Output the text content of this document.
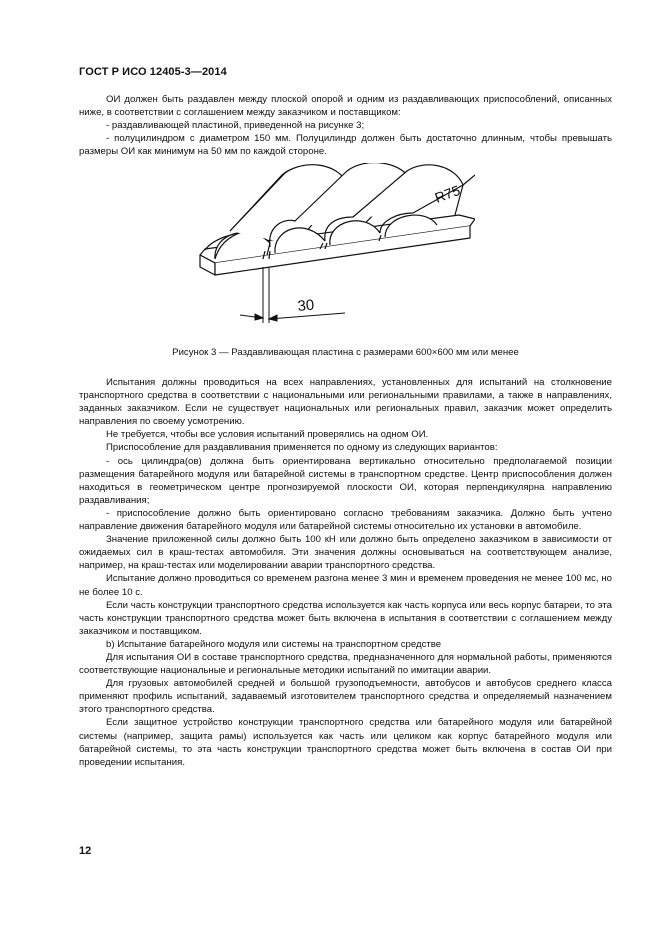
ГОСТ Р ИСО 12405-3—2014

ОИ должен быть раздавлен между плоской опорой и одним из раздавливающих приспособлений, описанных ниже, в соответствии с соглашением между заказчиком и поставщиком:

- раздавливающей пластиной, приведенной на рисунке 3;

- полуцилиндром с диаметром 150 мм. Полуцилиндр должен быть достаточно длинным, чтобы превышать размеры ОИ как минимум на 50 мм по каждой стороне.

30
R75
Рисунок 3 — Раздавливающая пластина с размерами 600×600 мм или менее

Испытания должны проводиться на всех направлениях, установленных для испытаний на столкновение транспортного средства в соответствии с национальными или региональными правилами, а также в направлениях, заданных заказчиком. Если не существует национальных или региональных правил, заказчик может определить направления по своему усмотрению.

Не требуется, чтобы все условия испытаний проверялись на одном ОИ.

Приспособление для раздавливания применяется по одному из следующих вариантов:

- ось цилиндра(ов) должна быть ориентирована вертикально относительно предполагаемой позиции размещения батарейного модуля или батарейной системы в транспортном средстве. Центр приспособления должен находиться в геометрическом центре прогнозируемой плоскости ОИ, которая перпендикулярна направлению раздавливания;

- приспособление должно быть ориентировано согласно требованиям заказчика. Должно быть учтено направление движения батарейного модуля или батарейной системы относительно их установки в автомобиле.

Значение приложенной силы должно быть 100 кН или должно быть определено заказчиком в зависимости от ожидаемых сил в краш-тестах автомобиля. Эти значения должны основываться на соответствующем анализе, например, на краш-тестах или моделировании аварии транспортного средства.

Испытание должно проводиться со временем разгона менее 3 мин и временем проведения не менее 100 мс, но не более 10 с.

Если часть конструкции транспортного средства используется как часть корпуса или весь корпус батареи, то эта часть конструкции транспортного средства может быть включена в испытания в соответствии с соглашением между заказчиком и поставщиком.

b) Испытание батарейного модуля или системы на транспортном средстве

Для испытания ОИ в составе транспортного средства, предназначенного для нормальной работы, применяются соответствующие национальные и региональные методики испытаний по имитации аварии.

Для грузовых автомобилей средней и большой грузоподъемности, автобусов и автобусов среднего класса применяют профиль испытаний, задаваемый изготовителем транспортного средства и определяемый назначением этого транспортного средства.

Если защитное устройство конструкции транспортного средства или батарейного модуля или батарейной системы (например, защита рамы) используется как часть или целиком как корпус батарейного модуля или батарейной системы, то эта часть конструкции транспортного средства может быть включена в состав ОИ при проведении испытания.

12
